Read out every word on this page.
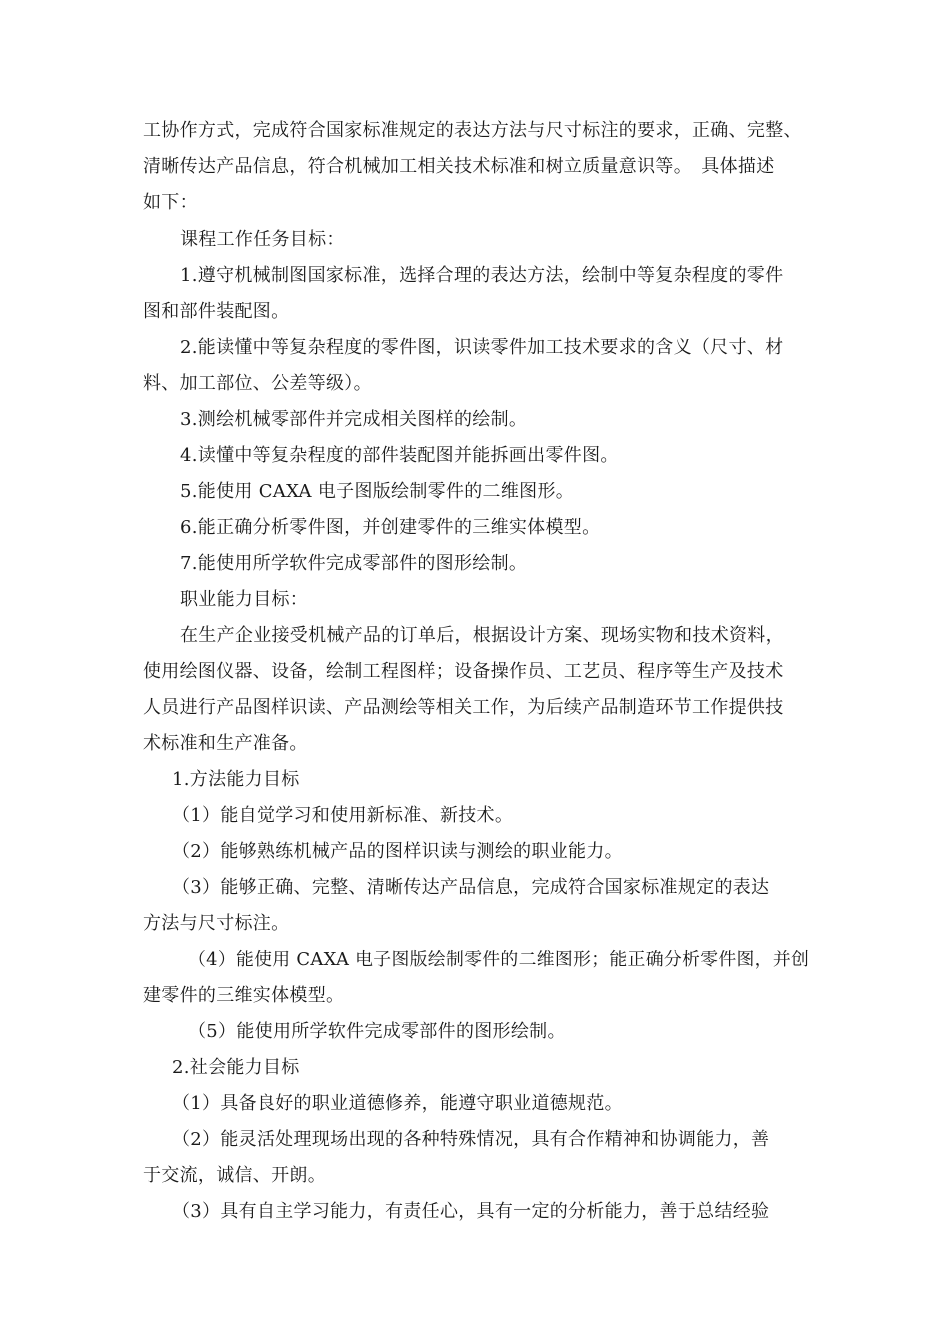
工协作方式，完成符合国家标准规定的表达方法与尺寸标注的要求，正确、完整、
清晰传达产品信息，符合机械加工相关技术标准和树立质量意识等。　具体描述
如下：
课程工作任务目标：
1.遵守机械制图国家标准，选择合理的表达方法，绘制中等复杂程度的零件
图和部件装配图。
2.能读懂中等复杂程度的零件图，识读零件加工技术要求的含义（尺寸、材
料、加工部位、公差等级）。
3.测绘机械零部件并完成相关图样的绘制。
4.读懂中等复杂程度的部件装配图并能拆画出零件图。
5.能使用 CAXA 电子图版绘制零件的二维图形。
6.能正确分析零件图，并创建零件的三维实体模型。
7.能使用所学软件完成零部件的图形绘制。
职业能力目标：
在生产企业接受机械产品的订单后，根据设计方案、现场实物和技术资料，
使用绘图仪器、设备，绘制工程图样；设备操作员、工艺员、程序等生产及技术
人员进行产品图样识读、产品测绘等相关工作，为后续产品制造环节工作提供技
术标准和生产准备。
1.方法能力目标
（1）能自觉学习和使用新标准、新技术。
（2）能够熟练机械产品的图样识读与测绘的职业能力。
（3）能够正确、完整、清晰传达产品信息，完成符合国家标准规定的表达
方法与尺寸标注。
（4）能使用 CAXA 电子图版绘制零件的二维图形；能正确分析零件图，并创
建零件的三维实体模型。
（5）能使用所学软件完成零部件的图形绘制。
2.社会能力目标
（1）具备良好的职业道德修养，能遵守职业道德规范。
（2）能灵活处理现场出现的各种特殊情况，具有合作精神和协调能力，善
于交流，诚信、开朗。
（3）具有自主学习能力，有责任心，具有一定的分析能力，善于总结经验
